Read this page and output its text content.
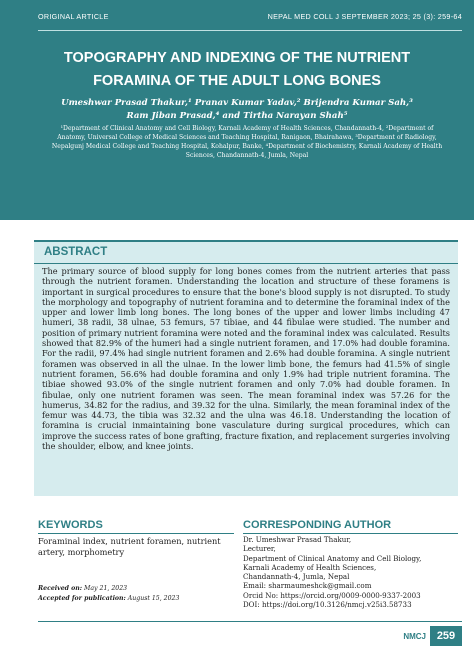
ORIGINAL ARTICLE	NEPAL MED COLL J SEPTEMBER 2023; 25 (3): 259-64
TOPOGRAPHY AND INDEXING OF THE NUTRIENT FORAMINA OF THE ADULT LONG BONES
Umeshwar Prasad Thakur,¹ Pranav Kumar Yadav,² Brijendra Kumar Sah,³ Ram Jiban Prasad,⁴ and Tirtha Narayan Shah⁵
¹Department of Clinical Anatomy and Cell Biology, Karnali Academy of Health Sciences, Chandannath-4, ²Department of Anatomy, Universal College of Medical Sciences and Teaching Hospital, Ranigaon, Bhairahawa, ³Department of Radiology, Nepalgunj Medical College and Teaching Hospital, Kohalpur, Banke, ⁴Department of Biochemistry, Karnali Academy of Health Sciences, Chandannath-4, Jumla, Nepal
ABSTRACT
The primary source of blood supply for long bones comes from the nutrient arteries that pass through the nutrient foramen. Understanding the location and structure of these foramens is important in surgical procedures to ensure that the bone's blood supply is not disrupted. To study the morphology and topography of nutrient foramina and to determine the foraminal index of the upper and lower limb long bones. The long bones of the upper and lower limbs including 47 humeri, 38 radii, 38 ulnae, 53 femurs, 57 tibiae, and 44 fibulae were studied. The number and position of primary nutrient foramina were noted and the foraminal index was calculated. Results showed that 82.9% of the humeri had a single nutrient foramen, and 17.0% had double foramina. For the radii, 97.4% had single nutrient foramen and 2.6% had double foramina. A single nutrient foramen was observed in all the ulnae. In the lower limb bone, the femurs had 41.5% of single nutrient foramen, 56.6% had double foramina and only 1.9% had triple nutrient foramina. The tibiae showed 93.0% of the single nutrient foramen and only 7.0% had double foramen. In fibulae, only one nutrient foramen was seen. The mean foraminal index was 57.26 for the humerus, 34.82 for the radius, and 39.32 for the ulna. Similarly, the mean foraminal index of the femur was 44.73, the tibia was 32.32 and the ulna was 46.18. Understanding the location of foramina is crucial inmaintaining bone vasculature during surgical procedures, which can improve the success rates of bone grafting, fracture fixation, and replacement surgeries involving the shoulder, elbow, and knee joints.
KEYWORDS
Foraminal index, nutrient foramen, nutrient artery, morphometry
Received on: May 21, 2023
Accepted for publication: August 15, 2023
CORRESPONDING AUTHOR
Dr. Umeshwar Prasad Thakur,
Lecturer,
Department of Clinical Anatomy and Cell Biology,
Karnali Academy of Health Sciences,
Chandannath-4, Jumla, Nepal
Email: sharmaumeshck@gmail.com
Orcid No: https://orcid.org/0009-0000-9337-2003
DOI: https://doi.org/10.3126/nmcj.v25i3.58733
NMCJ 259
